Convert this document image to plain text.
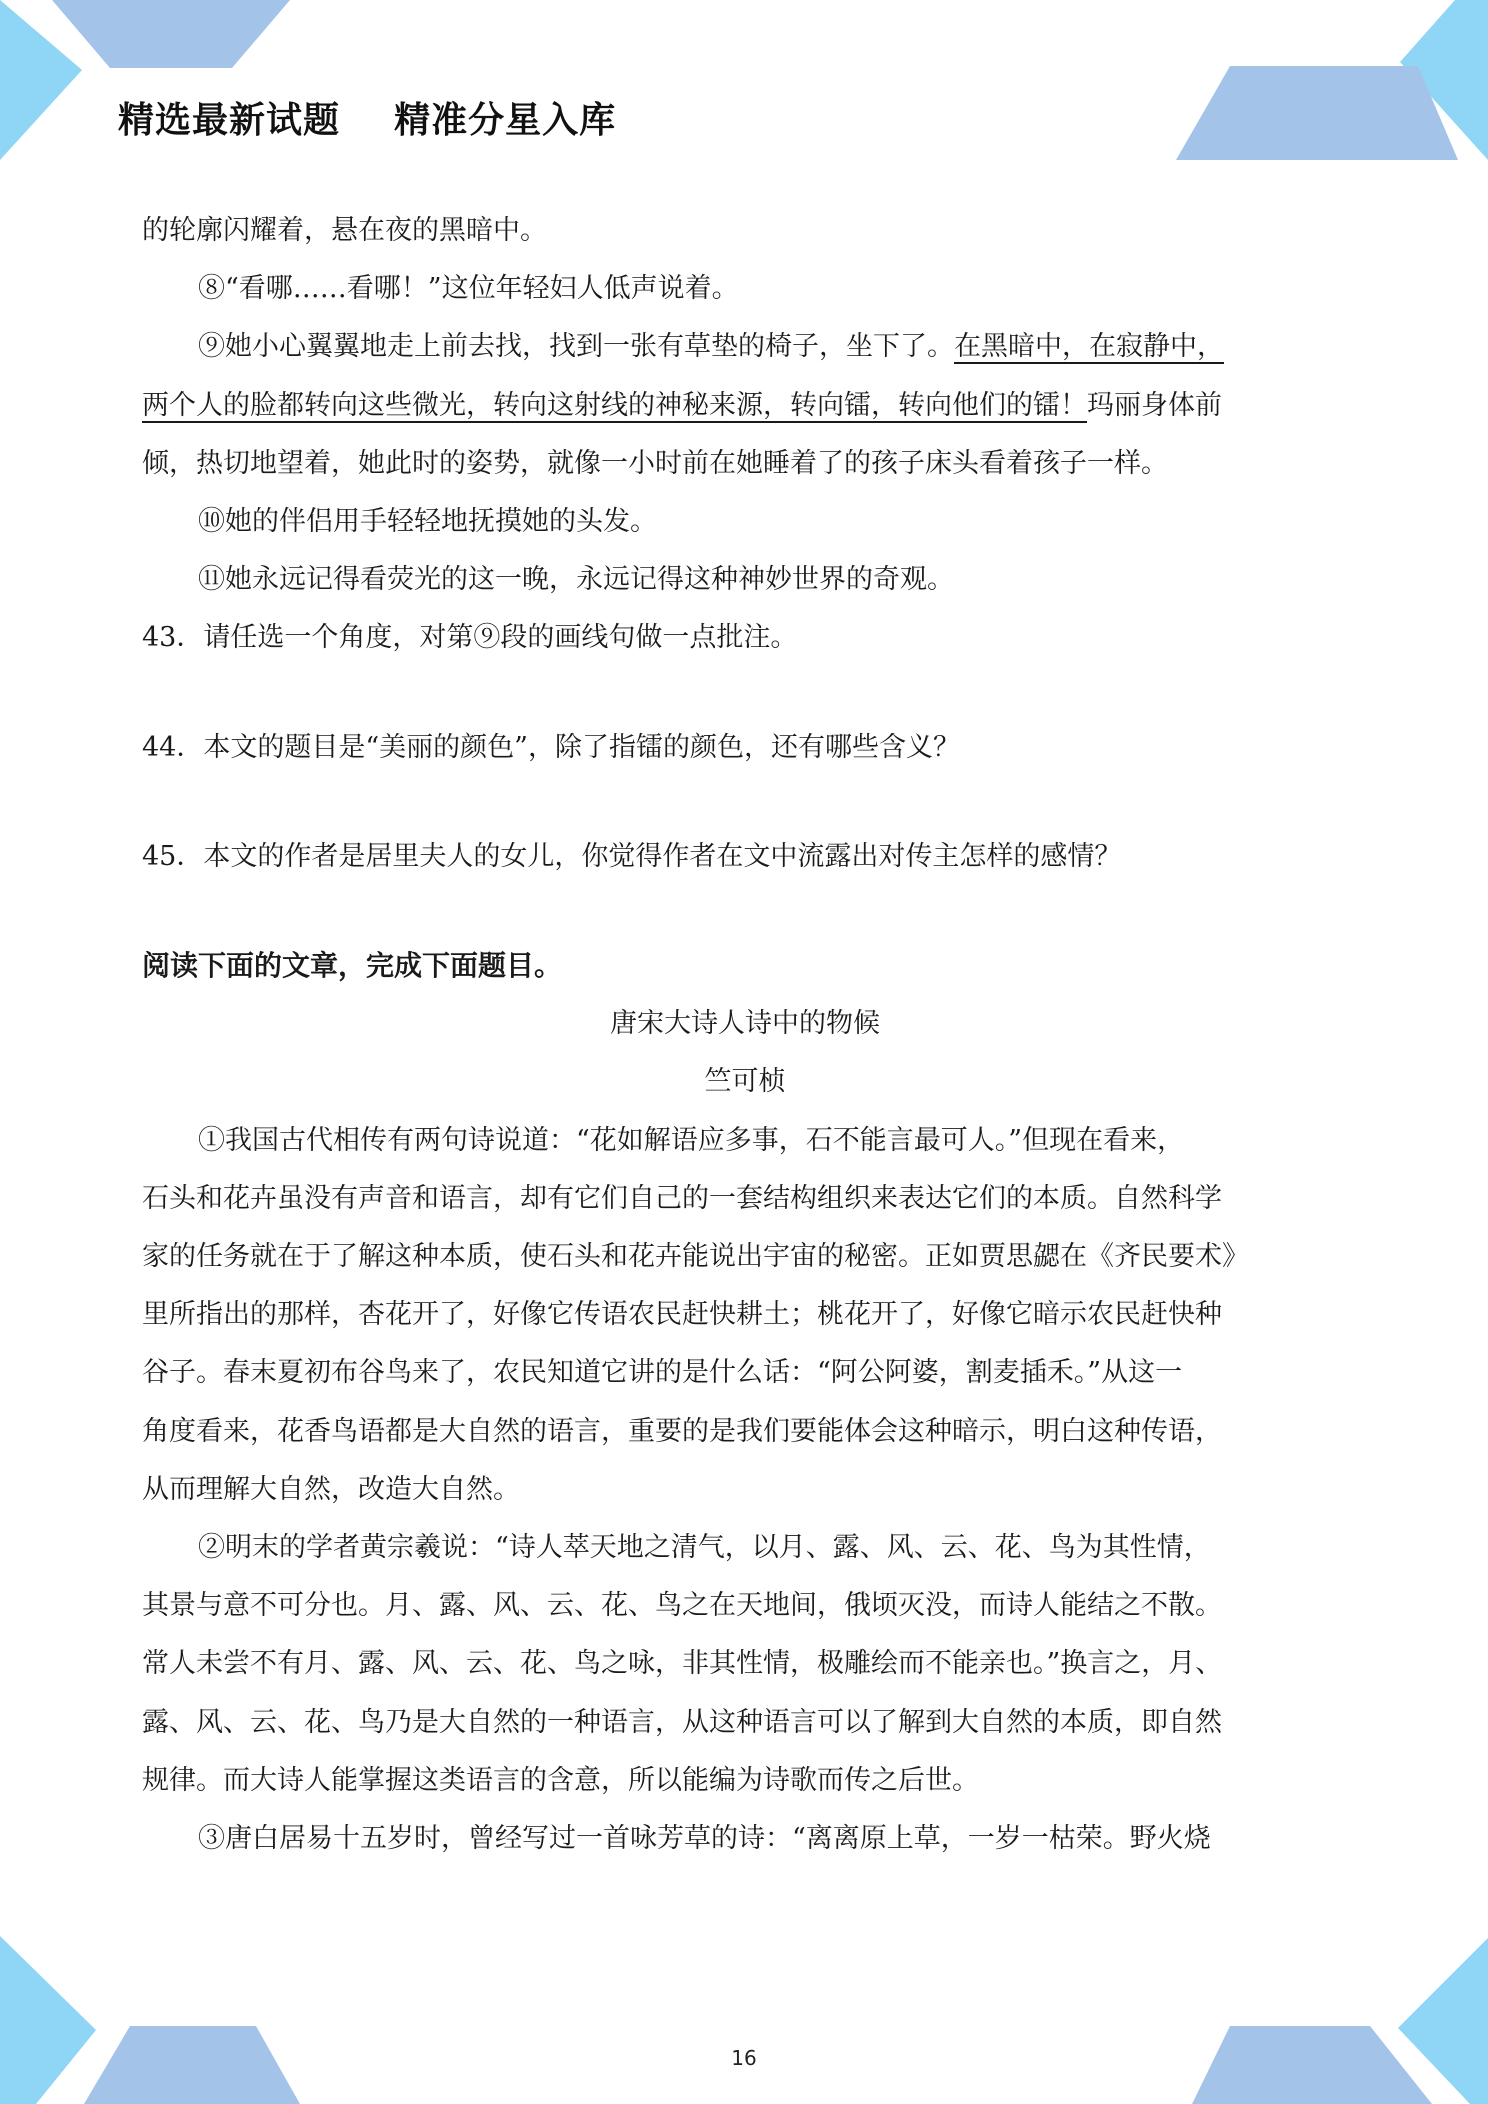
精选最新试题    精准分星入库

的轮廓闪耀着，悬在夜的黑暗中。

⑧“看哪……看哪！”这位年轻妇人低声说着。

⑨她小心翼翼地走上前去找，找到一张有草垫的椅子，坐下了。在黑暗中，在寂静中，

两个人的脸都转向这些微光，转向这射线的神秘来源，转向镭，转向他们的镭！玛丽身体前

倾，热切地望着，她此时的姿势，就像一小时前在她睡着了的孩子床头看着孩子一样。

⑩她的伴侣用手轻轻地抚摸她的头发。

⑪她永远记得看荧光的这一晚，永远记得这种神妙世界的奇观。

43．请任选一个角度，对第⑨段的画线句做一点批注。

44．本文的题目是“美丽的颜色”，除了指镭的颜色，还有哪些含义？

45．本文的作者是居里夫人的女儿，你觉得作者在文中流露出对传主怎样的感情？

阅读下面的文章，完成下面题目。

唐宋大诗人诗中的物候

竺可桢

①我国古代相传有两句诗说道：“花如解语应多事，石不能言最可人。”但现在看来，

石头和花卉虽没有声音和语言，却有它们自己的一套结构组织来表达它们的本质。自然科学

家的任务就在于了解这种本质，使石头和花卉能说出宇宙的秘密。正如贾思勰在《齐民要术》

里所指出的那样，杏花开了，好像它传语农民赶快耕土；桃花开了，好像它暗示农民赶快种

谷子。春末夏初布谷鸟来了，农民知道它讲的是什么话：“阿公阿婆，割麦插禾。”从这一

角度看来，花香鸟语都是大自然的语言，重要的是我们要能体会这种暗示，明白这种传语，

从而理解大自然，改造大自然。

②明末的学者黄宗羲说：“诗人萃天地之清气，以月、露、风、云、花、鸟为其性情，

其景与意不可分也。月、露、风、云、花、鸟之在天地间，俄顷灭没，而诗人能结之不散。

常人未尝不有月、露、风、云、花、鸟之咏，非其性情，极雕绘而不能亲也。”换言之，月、

露、风、云、花、鸟乃是大自然的一种语言，从这种语言可以了解到大自然的本质，即自然

规律。而大诗人能掌握这类语言的含意，所以能编为诗歌而传之后世。

③唐白居易十五岁时，曾经写过一首咏芳草的诗：“离离原上草，一岁一枯荣。野火烧

16
